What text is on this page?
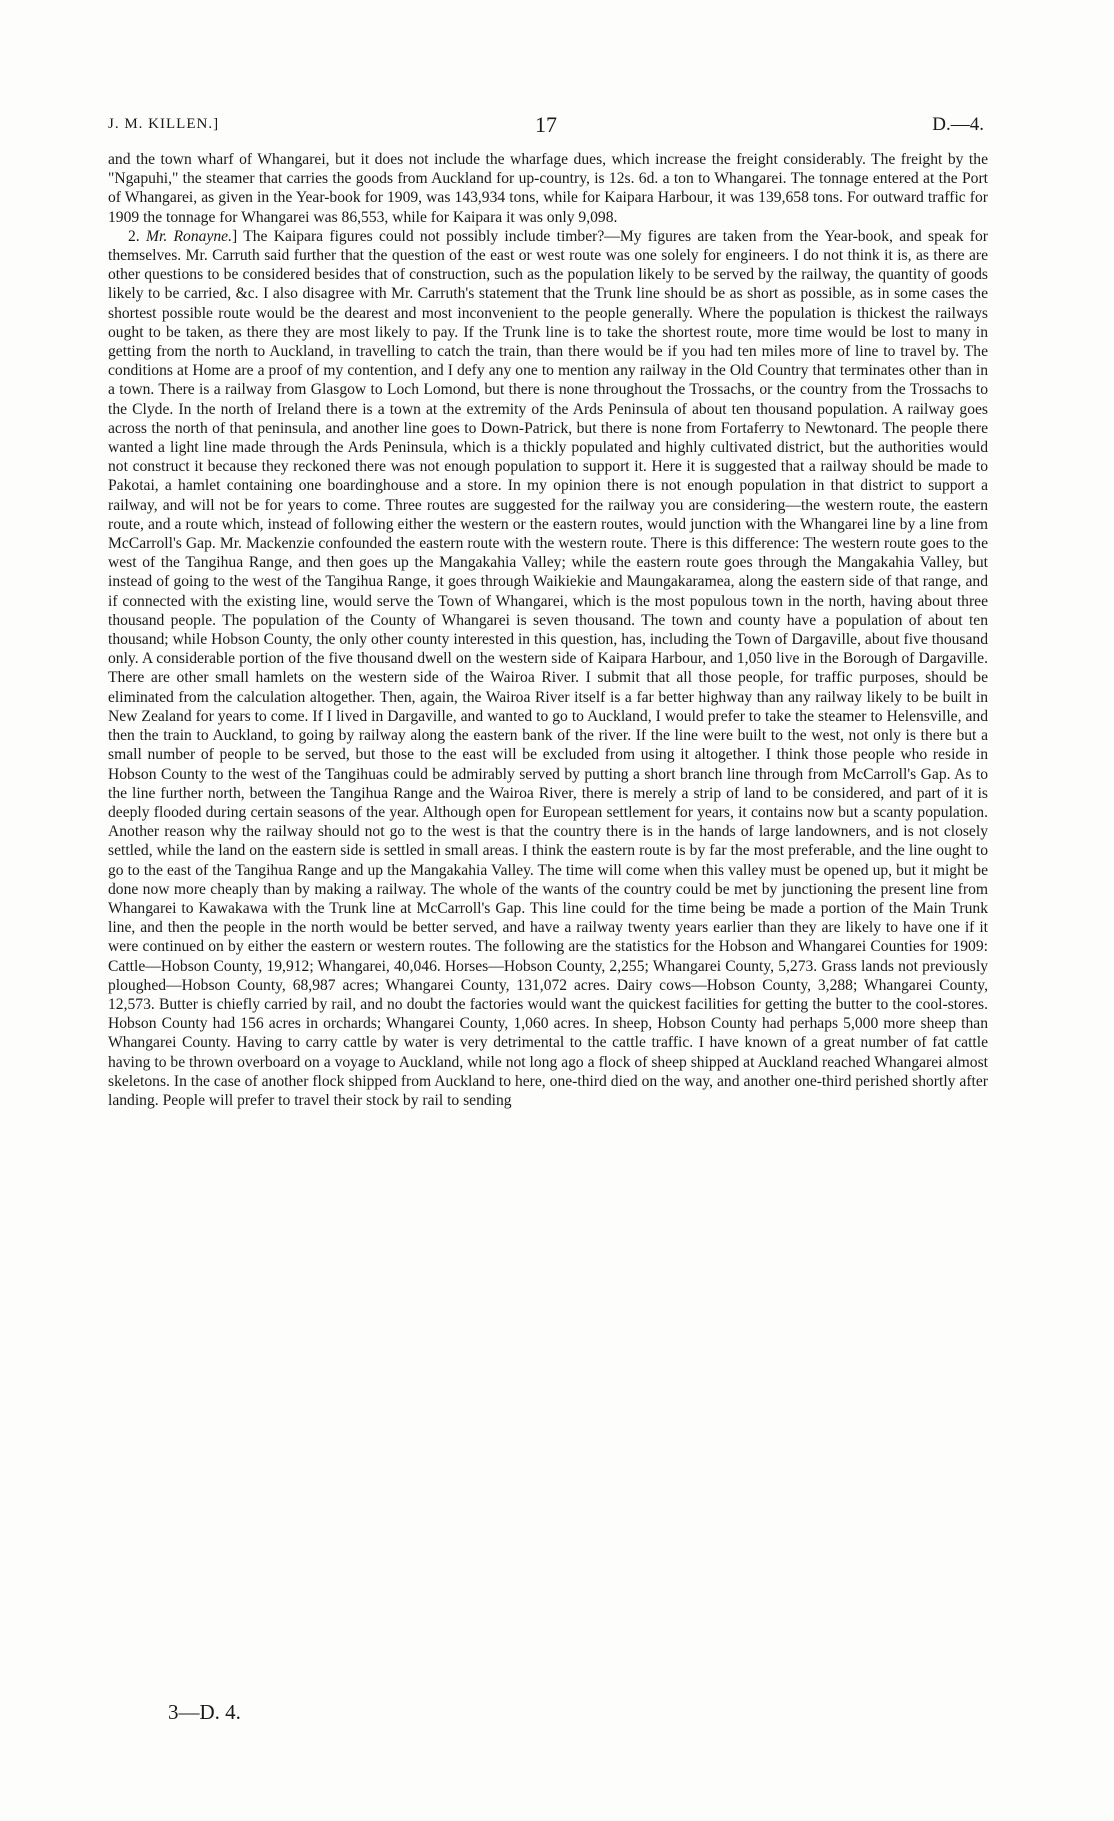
J. M. KILLEN.]	17	D.—4.

and the town wharf of Whangarei, but it does not include the wharfage dues, which increase the freight considerably. The freight by the "Ngapuhi," the steamer that carries the goods from Auckland for up-country, is 12s. 6d. a ton to Whangarei. The tonnage entered at the Port of Whangarei, as given in the Year-book for 1909, was 143,934 tons, while for Kaipara Harbour, it was 139,658 tons. For outward traffic for 1909 the tonnage for Whangarei was 86,553, while for Kaipara it was only 9,098.

2. Mr. Ronayne.] The Kaipara figures could not possibly include timber?—My figures are taken from the Year-book, and speak for themselves. Mr. Carruth said further that the question of the east or west route was one solely for engineers. I do not think it is, as there are other questions to be considered besides that of construction, such as the population likely to be served by the railway, the quantity of goods likely to be carried, &c. I also disagree with Mr. Carruth's statement that the Trunk line should be as short as possible, as in some cases the shortest possible route would be the dearest and most inconvenient to the people generally. Where the population is thickest the railways ought to be taken, as there they are most likely to pay. If the Trunk line is to take the shortest route, more time would be lost to many in getting from the north to Auckland, in travelling to catch the train, than there would be if you had ten miles more of line to travel by. The conditions at Home are a proof of my contention, and I defy any one to mention any railway in the Old Country that terminates other than in a town. There is a railway from Glasgow to Loch Lomond, but there is none throughout the Trossachs, or the country from the Trossachs to the Clyde. In the north of Ireland there is a town at the extremity of the Ards Peninsula of about ten thousand population. A railway goes across the north of that peninsula, and another line goes to Down-Patrick, but there is none from Fortaferry to Newtonard. The people there wanted a light line made through the Ards Peninsula, which is a thickly populated and highly cultivated district, but the authorities would not construct it because they reckoned there was not enough population to support it. Here it is suggested that a railway should be made to Pakotai, a hamlet containing one boardinghouse and a store. In my opinion there is not enough population in that district to support a railway, and will not be for years to come. Three routes are suggested for the railway you are considering—the western route, the eastern route, and a route which, instead of following either the western or the eastern routes, would junction with the Whangarei line by a line from McCarroll's Gap. Mr. Mackenzie confounded the eastern route with the western route. There is this difference: The western route goes to the west of the Tangihua Range, and then goes up the Mangakahia Valley; while the eastern route goes through the Mangakahia Valley, but instead of going to the west of the Tangihua Range, it goes through Waikiekie and Maungakaramea, along the eastern side of that range, and if connected with the existing line, would serve the Town of Whangarei, which is the most populous town in the north, having about three thousand people. The population of the County of Whangarei is seven thousand. The town and county have a population of about ten thousand; while Hobson County, the only other county interested in this question, has, including the Town of Dargaville, about five thousand only. A considerable portion of the five thousand dwell on the western side of Kaipara Harbour, and 1,050 live in the Borough of Dargaville. There are other small hamlets on the western side of the Wairoa River. I submit that all those people, for traffic purposes, should be eliminated from the calculation altogether. Then, again, the Wairoa River itself is a far better highway than any railway likely to be built in New Zealand for years to come. If I lived in Dargaville, and wanted to go to Auckland, I would prefer to take the steamer to Helensville, and then the train to Auckland, to going by railway along the eastern bank of the river. If the line were built to the west, not only is there but a small number of people to be served, but those to the east will be excluded from using it altogether. I think those people who reside in Hobson County to the west of the Tangihuas could be admirably served by putting a short branch line through from McCarroll's Gap. As to the line further north, between the Tangihua Range and the Wairoa River, there is merely a strip of land to be considered, and part of it is deeply flooded during certain seasons of the year. Although open for European settlement for years, it contains now but a scanty population. Another reason why the railway should not go to the west is that the country there is in the hands of large landowners, and is not closely settled, while the land on the eastern side is settled in small areas. I think the eastern route is by far the most preferable, and the line ought to go to the east of the Tangihua Range and up the Mangakahia Valley. The time will come when this valley must be opened up, but it might be done now more cheaply than by making a railway. The whole of the wants of the country could be met by junctioning the present line from Whangarei to Kawakawa with the Trunk line at McCarroll's Gap. This line could for the time being be made a portion of the Main Trunk line, and then the people in the north would be better served, and have a railway twenty years earlier than they are likely to have one if it were continued on by either the eastern or western routes. The following are the statistics for the Hobson and Whangarei Counties for 1909: Cattle—Hobson County, 19,912; Whangarei, 40,046. Horses—Hobson County, 2,255; Whangarei County, 5,273. Grass lands not previously ploughed—Hobson County, 68,987 acres; Whangarei County, 131,072 acres. Dairy cows—Hobson County, 3,288; Whangarei County, 12,573. Butter is chiefly carried by rail, and no doubt the factories would want the quickest facilities for getting the butter to the cool-stores. Hobson County had 156 acres in orchards; Whangarei County, 1,060 acres. In sheep, Hobson County had perhaps 5,000 more sheep than Whangarei County. Having to carry cattle by water is very detrimental to the cattle traffic. I have known of a great number of fat cattle having to be thrown overboard on a voyage to Auckland, while not long ago a flock of sheep shipped at Auckland reached Whangarei almost skeletons. In the case of another flock shipped from Auckland to here, one-third died on the way, and another one-third perished shortly after landing. People will prefer to travel their stock by rail to sending

3—D. 4.
